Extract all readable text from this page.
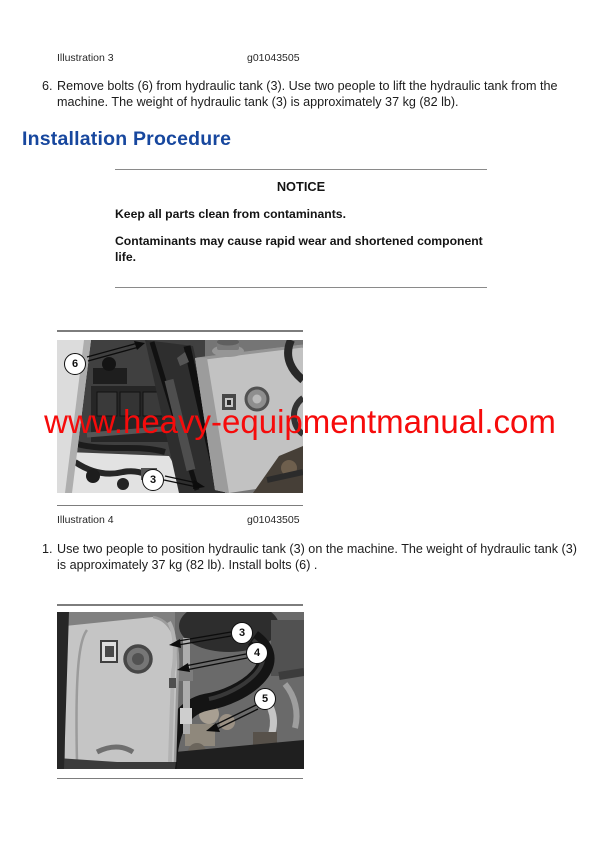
Illustration 3	g01043505
6. Remove bolts (6) from hydraulic tank (3). Use two people to lift the hydraulic tank from the machine. The weight of hydraulic tank (3) is approximately 37 kg (82 lb).
Installation Procedure
NOTICE

Keep all parts clean from contaminants.

Contaminants may cause rapid wear and shortened component life.

6
3
www.heavy-equipmentmanual.com
Illustration 4	g01043505
1. Use two people to position hydraulic tank (3) on the machine. The weight of hydraulic tank (3) is approximately 37 kg (82 lb). Install bolts (6) .
3
4
5
